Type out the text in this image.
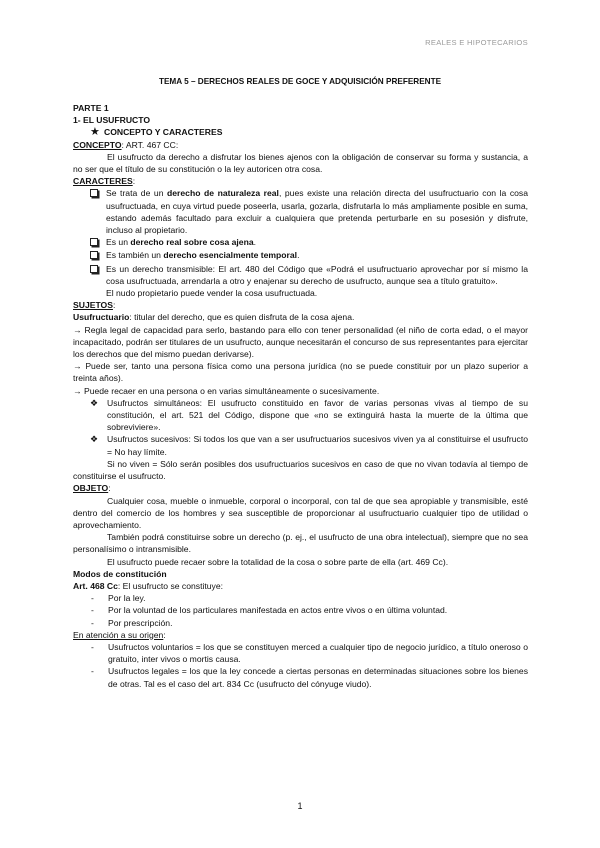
REALES E HIPOTECARIOS
TEMA 5 – DERECHOS REALES DE GOCE Y ADQUISICIÓN PREFERENTE

PARTE 1

1- EL USUFRUCTO

★ CONCEPTO Y CARACTERES

CONCEPTO: ART. 467 CC:

El usufructo da derecho a disfrutar los bienes ajenos con la obligación de conservar su forma y sustancia, a no ser que el título de su constitución o la ley autoricen otra cosa.

CARACTERES:

Se trata de un derecho de naturaleza real, pues existe una relación directa del usufructuario con la cosa usufructuada, en cuya virtud puede poseerla, usarla, gozarla, disfrutarla lo más ampliamente posible en suma, estando además facultado para excluir a cualquiera que pretenda perturbarle en su posesión y disfrute, incluso al propietario.
Es un derecho real sobre cosa ajena.
Es también un derecho esencialmente temporal.
Es un derecho transmisible: El art. 480 del Código que «Podrá el usufructuario aprovechar por sí mismo la cosa usufructuada, arrendarla a otro y enajenar su derecho de usufructo, aunque sea a título gratuito».

El nudo propietario puede vender la cosa usufructuada.

SUJETOS:

Usufructuario: titular del derecho, que es quien disfruta de la cosa ajena.

→ Regla legal de capacidad para serlo, bastando para ello con tener personalidad (el niño de corta edad, o el mayor incapacitado, podrán ser titulares de un usufructo, aunque necesitarán el concurso de sus representantes para ejercitar los derechos que del mismo puedan derivarse).

→ Puede ser, tanto una persona física como una persona jurídica (no se puede constituir por un plazo superior a treinta años).

→ Puede recaer en una persona o en varias simultáneamente o sucesivamente.

❖	Usufructos simultáneos: El usufructo constituido en favor de varias personas vivas al tiempo de su constitución, el art. 521 del Código, dispone que «no se extinguirá hasta la muerte de la última que sobreviviere».
❖	Usufructos sucesivos: Si todos los que van a ser usufructuarios sucesivos viven ya al constituirse el usufructo = No hay límite.

Si no viven = Sólo serán posibles dos usufructuarios sucesivos en caso de que no vivan todavía al tiempo de constituirse el usufructo.

OBJETO:

Cualquier cosa, mueble o inmueble, corporal o incorporal, con tal de que sea apropiable y transmisible, esté dentro del comercio de los hombres y sea susceptible de proporcionar al usufructuario cualquier tipo de utilidad o aprovechamiento.

También podrá constituirse sobre un derecho (p. ej., el usufructo de una obra intelectual), siempre que no sea personalísimo o intransmisible.

El usufructo puede recaer sobre la totalidad de la cosa o sobre parte de ella (art. 469 Cc).

Modos de constitución

Art. 468 Cc: El usufructo se constituye:

-	Por la ley.
-	Por la voluntad de los particulares manifestada en actos entre vivos o en última voluntad.
-	Por prescripción.

En atención a su origen:

-	Usufructos voluntarios = los que se constituyen merced a cualquier tipo de negocio jurídico, a título oneroso o gratuito, inter vivos o mortis causa.
-	Usufructos legales = los que la ley concede a ciertas personas en determinadas situaciones sobre los bienes de otras. Tal es el caso del art. 834 Cc (usufructo del cónyuge viudo).
1
